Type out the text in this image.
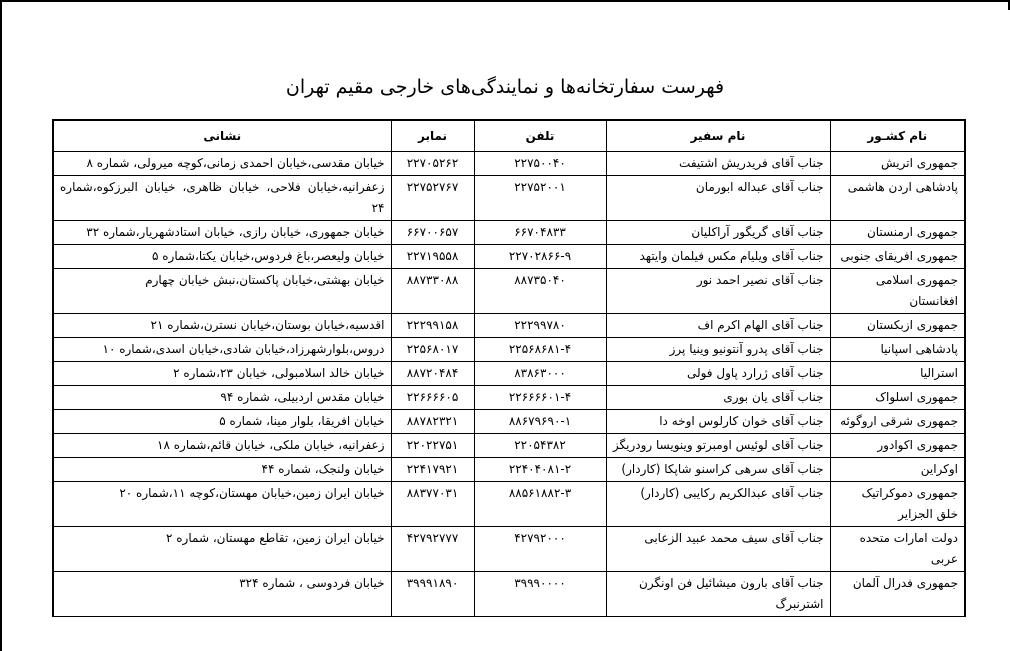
فهرست سفارتخانه‌ها و نمایندگی‌های خارجی مقیم تهران
نام کشـور	نام سفیر	تلفن	نمابر	نشانی
جمهوری اتریش	جناب آقای فریدریش اشتیفت	۲۲۷۵۰۰۴۰	۲۲۷۰۵۲۶۲	خیابان مقدسی،خیابان احمدی زمانی،کوچه میرولی، شماره ۸
پادشاهی اردن هاشمی	جناب آقای عبداله ابورمان	۲۲۷۵۲۰۰۱	۲۲۷۵۲۷۶۷	زعفرانیه،خیابان فلاحی، خیابان ظاهری، خیابان البرزکوه،شماره ۲۴
جمهوری ارمنستان	جناب آقای گریگور آراکلیان	۶۶۷۰۴۸۳۳	۶۶۷۰۰۶۵۷	خیابان جمهوری، خیابان رازی، خیابان استادشهریار،شماره ۳۲
جمهوری افریقای جنوبی	جناب آقای ویلیام مکس فیلمان وایتهد	۲۲۷۰۲۸۶۶-۹	۲۲۷۱۹۵۵۸	خیابان ولیعصر،باغ فردوس،خیابان یکتا،شماره ۵
جمهوری اسلامی افغانستان	جناب آقای نصیر احمد نور	۸۸۷۳۵۰۴۰	۸۸۷۳۳۰۸۸	خیابان بهشتی،خیابان پاکستان،نبش خیابان چهارم
جمهوری ازبکستان	جناب آقای الهام اکرم اف	۲۲۲۹۹۷۸۰	۲۲۲۹۹۱۵۸	اقدسیه،خیابان بوستان،خیابان نسترن،شماره ۲۱
پادشاهی اسپانیا	جناب آقای پدرو آنتونیو وینیا پرز	۲۲۵۶۸۶۸۱-۴	۲۲۵۶۸۰۱۷	دروس،بلوارشهرزاد،خیابان شادی،خیابان اسدی،شماره ۱۰
استرالیا	جناب آقای ژرارد پاول فولی	۸۳۸۶۳۰۰۰	۸۸۷۲۰۴۸۴	خیابان خالد اسلامبولی، خیابان ۲۳،شماره ۲
جمهوری اسلواک	جناب آقای یان بوری	۲۲۶۶۶۶۰۱-۴	۲۲۶۶۶۶۰۵	خیابان مقدس اردبیلی، شماره ۹۴
جمهوری شرقی اروگوئه	جناب آقای خوان کارلوس اوخه دا	۸۸۶۷۹۶۹۰-۱	۸۸۷۸۲۳۲۱	خیابان افریقا، بلوار مینا، شماره ۵
جمهوری اکوادور	جناب آقای لوئیس اومبرتو وینویسا رودریگز	۲۲۰۵۴۳۸۲	۲۲۰۲۲۷۵۱	زعفرانیه، خیابان ملکی، خیابان قائم،شماره ۱۸
اوکراین	جناب آقای سرهی کراسنو شاپکا (کاردار)	۲۲۴۰۴۰۸۱-۲	۲۲۴۱۷۹۲۱	خیابان ولنجک، شماره ۴۴
جمهوری دموکراتیک خلق الجزایر	جناب آقای عبدالکریم رکایبی (کاردار)	۸۸۵۶۱۸۸۲-۳	۸۸۳۷۷۰۳۱	خیابان ایران زمین،خیابان مهستان،کوچه ۱۱،شماره ۲۰
دولت امارات متحده عربی	جناب آقای سیف محمد عبید الزعابی	۴۲۷۹۲۰۰۰	۴۲۷۹۲۷۷۷	خیابان ایران زمین، تقاطع مهستان، شماره ۲
جمهوری فدرال آلمان	جناب آقای بارون میشائیل فن اونگرن اشترنبرگ	۳۹۹۹۰۰۰۰	۳۹۹۹۱۸۹۰	خیابان فردوسی ، شماره ۳۲۴
